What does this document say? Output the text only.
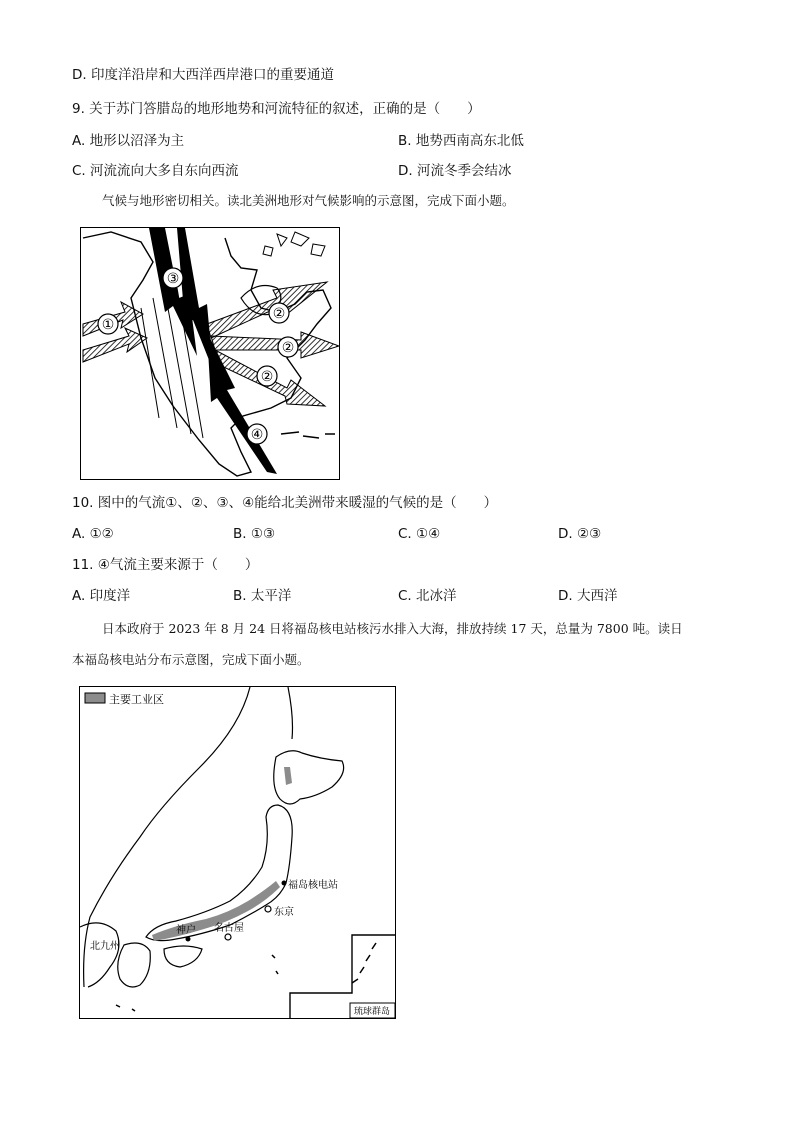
D. 印度洋沿岸和大西洋西岸港口的重要通道
9. 关于苏门答腊岛的地形地势和河流特征的叙述，正确的是（　　）
A. 地形以沼泽为主	B. 地势西南高东北低
C. 河流流向大多自东向西流	D. 河流冬季会结冰
气候与地形密切相关。读北美洲地形对气候影响的示意图，完成下面小题。
①
③
②
②
②
④
10. 图中的气流①、②、③、④能给北美洲带来暖湿的气候的是（　　）
A. ①②	B. ①③	C. ①④	D. ②③
11. ④气流主要来源于（　　）
A. 印度洋	B. 太平洋	C. 北冰洋	D. 大西洋
日本政府于 2023 年 8 月 24 日将福岛核电站核污水排入大海，排放持续 17 天，总量为 7800 吨。读日
本福岛核电站分布示意图，完成下面小题。
主要工业区
琉球群岛
福岛核电站
东京
名古屋
神户
北九州
